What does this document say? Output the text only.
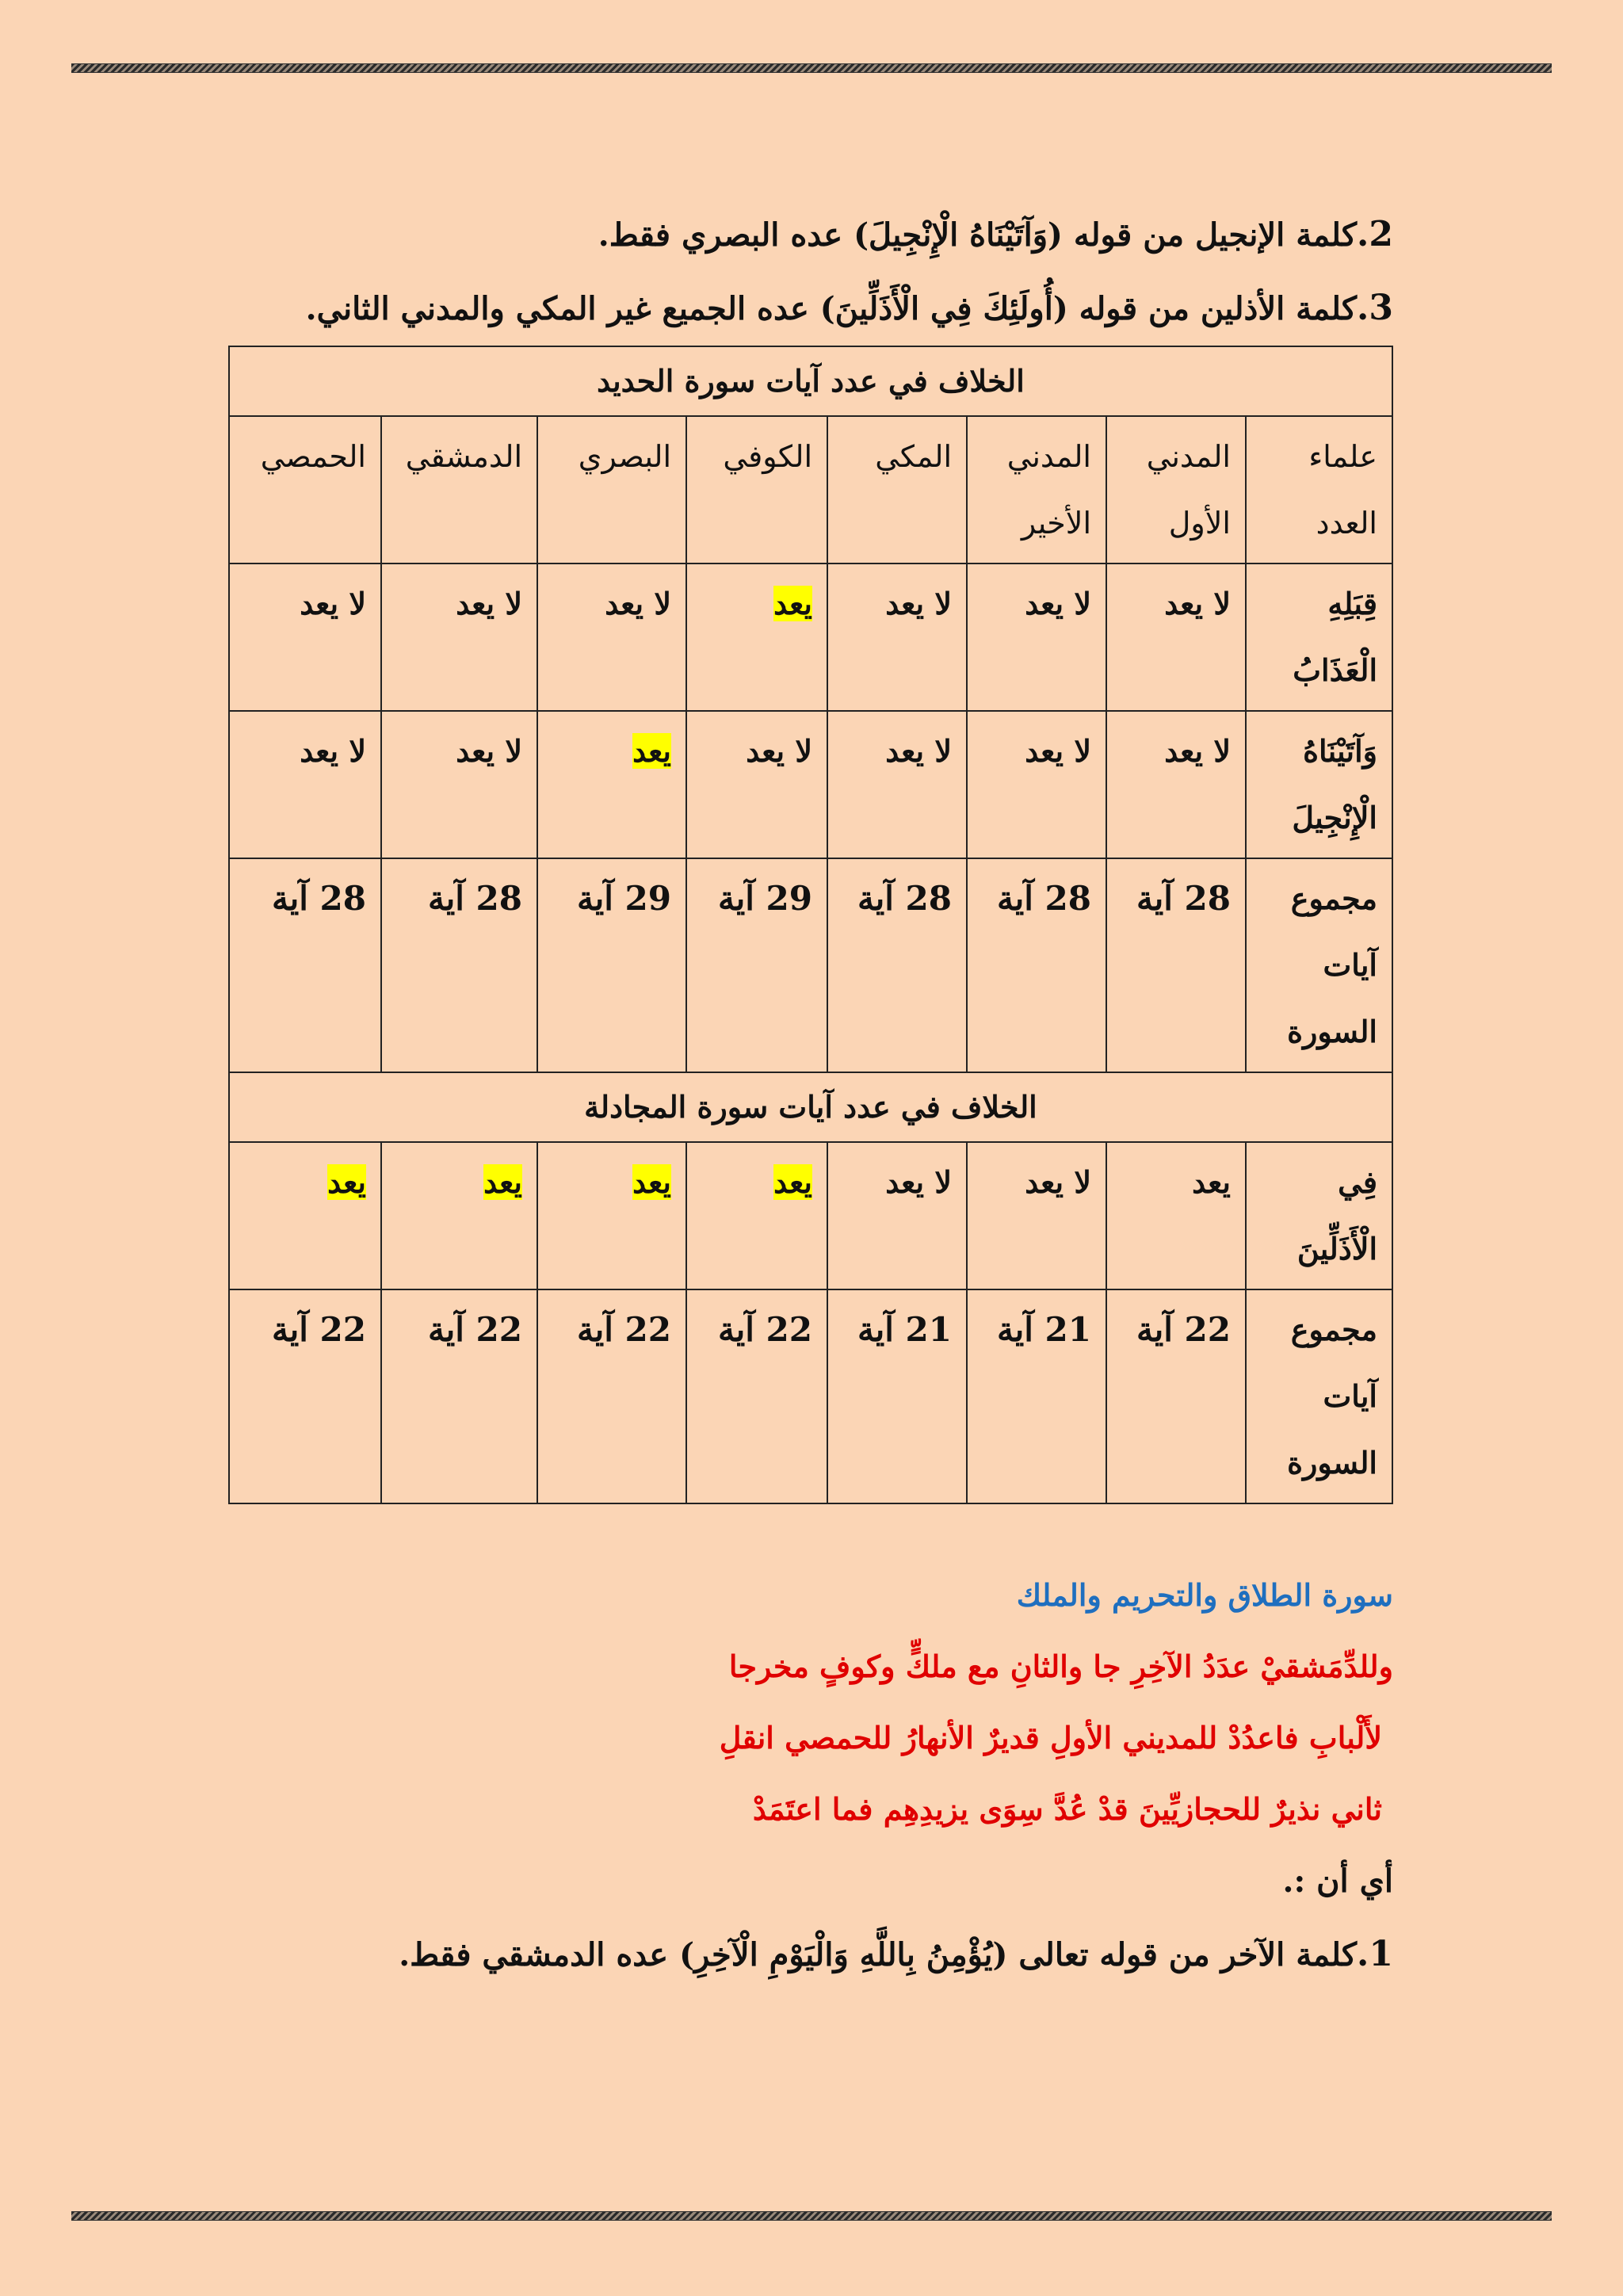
2.كلمة الإنجيل من قوله (وَآتَيْنَاهُ الْإِنْجِيلَ) عده البصري فقط.

3.كلمة الأذلين من قوله (أُولَئِكَ فِي الْأَذَلِّينَ) عده الجميع غير المكي والمدني الثاني.

الخلاف في عدد آيات سورة الحديد							
علماء العدد	المدني الأول	المدني الأخير	المكي	الكوفي	البصري	الدمشقي	الحمصي
قِبَلِهِ الْعَذَابُ	لا يعد	لا يعد	لا يعد	يعد	لا يعد	لا يعد	لا يعد
وَآتَيْنَاهُ الْإِنْجِيلَ	لا يعد	لا يعد	لا يعد	لا يعد	يعد	لا يعد	لا يعد
مجموع آيات السورة	28 آية	28 آية	28 آية	29 آية	29 آية	28 آية	28 آية
الخلاف في عدد آيات سورة المجادلة							
فِي الْأَذَلِّينَ	يعد	لا يعد	لا يعد	يعد	يعد	يعد	يعد
مجموع آيات السورة	22 آية	21 آية	21 آية	22 آية	22 آية	22 آية	22 آية

سورة الطلاق والتحريم والملك

وللدِّمَشقيْ عدَدُ الآخِرِ جا والثانِ مع ملكٍّ وكوفٍ مخرجا

لأَلْبابِ فاعدُدْ للمديني الأولِ قديرٌ الأنهارُ للحمصي انقلِ

ثاني نذيرٌ للحجازيِّينَ قدْ عُدَّ سِوَى يزيدِهِم فما اعتَمَدْ

أي أن :.

1.كلمة الآخر من قوله تعالى (يُؤْمِنُ بِاللَّهِ وَالْيَوْمِ الْآخِرِ) عده الدمشقي فقط.
